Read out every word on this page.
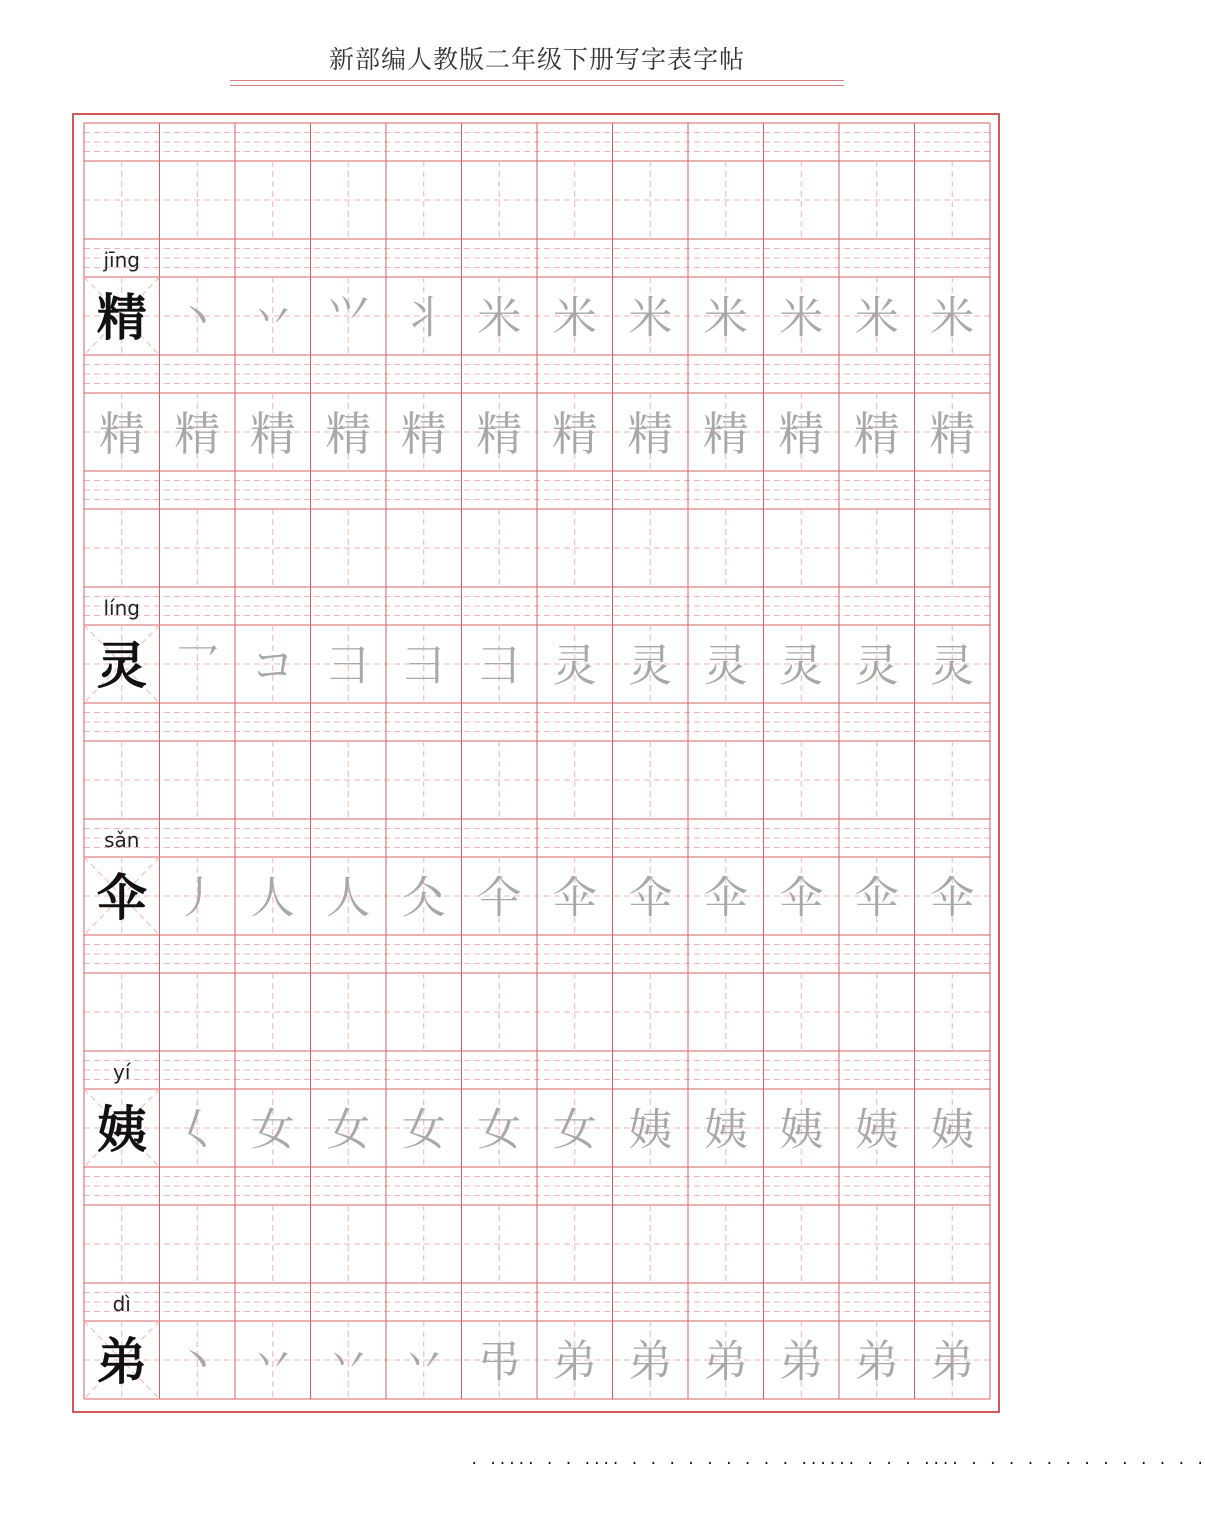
新部编人教版二年级下册写字表字帖
jīng
精 丶 丷 ⺍ ⺦ 米 米 米 米 米 米 米
精 精 精 精 精 精 精 精 精 精 精 精
líng
灵 乛 コ 彐 彐 彐 灵 灵 灵 灵 灵 灵
sǎn
伞 丿 人 人 仌 仐 伞 伞 伞 伞 伞 伞
yí
姨 𡿨 女 女 女 女 女 姨 姨 姨 姨 姨
dì
弟 丶 丷 丷 丷 弔 弟 弟 弟 弟 弟 弟
. ..... . . .... . . . . . . . . . ...... . . . .... . . . . . . . . . . . . .
